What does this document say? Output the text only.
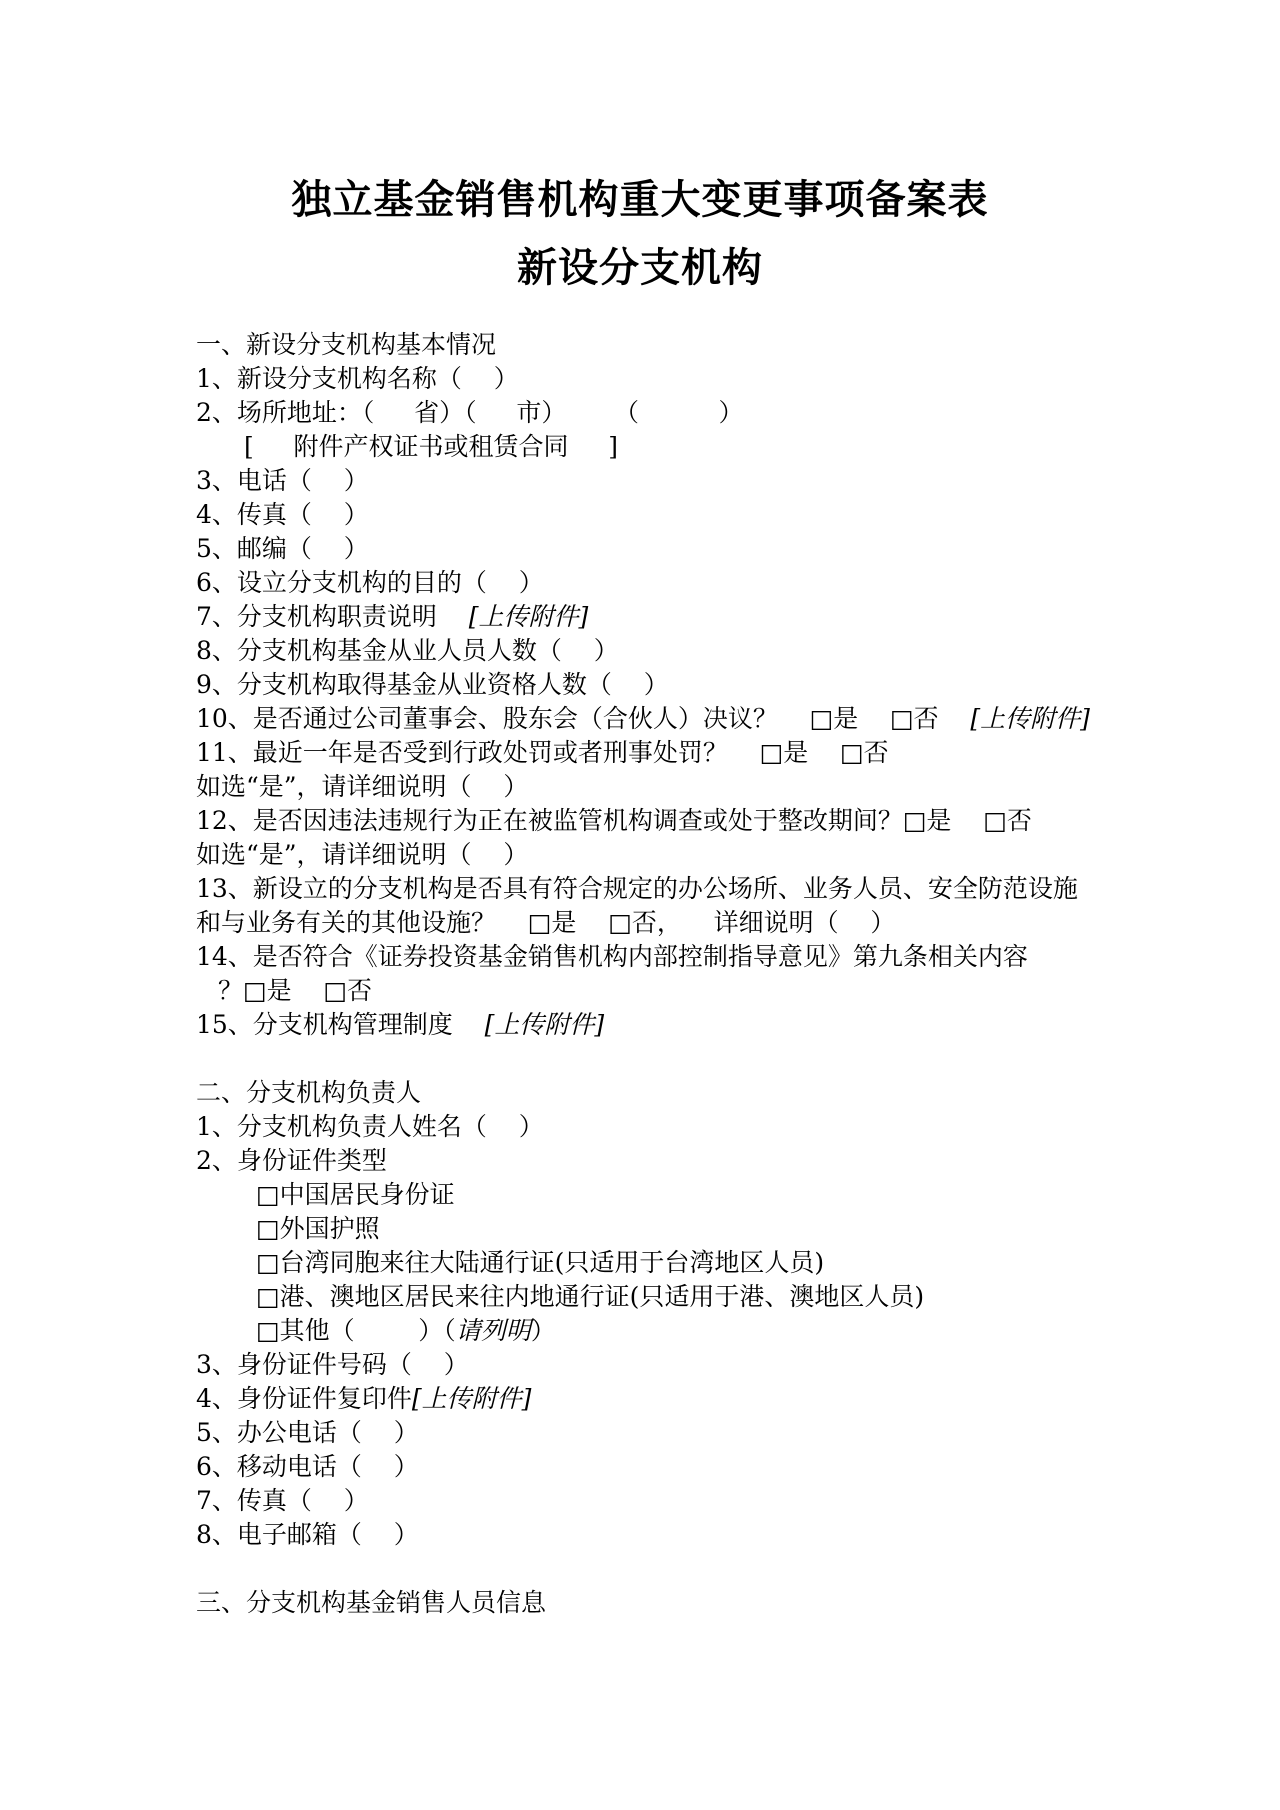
独立基金销售机构重大变更事项备案表
新设分支机构
一、新设分支机构基本情况
1、新设分支机构名称（    ）
2、场所地址：（     省）（     市）      （          ）
[     附件产权证书或租赁合同     ]
3、电话（    ）
4、传真（    ）
5、邮编（    ）
6、设立分支机构的目的（    ）
7、分支机构职责说明    [上传附件]
8、分支机构基金从业人员人数（    ）
9、分支机构取得基金从业资格人数（    ）
10、是否通过公司董事会、股东会（合伙人）决议？    □是    □否    [上传附件]
11、最近一年是否受到行政处罚或者刑事处罚？    □是    □否
如选“是”，请详细说明（    ）
12、是否因违法违规行为正在被监管机构调查或处于整改期间？□是    □否
如选“是”，请详细说明（    ）
13、新设立的分支机构是否具有符合规定的办公场所、业务人员、安全防范设施和与业务有关的其他设施？    □是    □否，    详细说明（    ）
14、是否符合《证券投资基金销售机构内部控制指导意见》第九条相关内容
？□是    □否
15、分支机构管理制度    [上传附件]
二、分支机构负责人
1、分支机构负责人姓名（    ）
2、身份证件类型
□中国居民身份证
□外国护照
□台湾同胞来往大陆通行证(只适用于台湾地区人员)
□港、澳地区居民来往内地通行证(只适用于港、澳地区人员)
□其他（        ）（请列明）
3、身份证件号码（    ）
4、身份证件复印件[上传附件]
5、办公电话（    ）
6、移动电话（    ）
7、传真（    ）
8、电子邮箱（    ）
三、分支机构基金销售人员信息
